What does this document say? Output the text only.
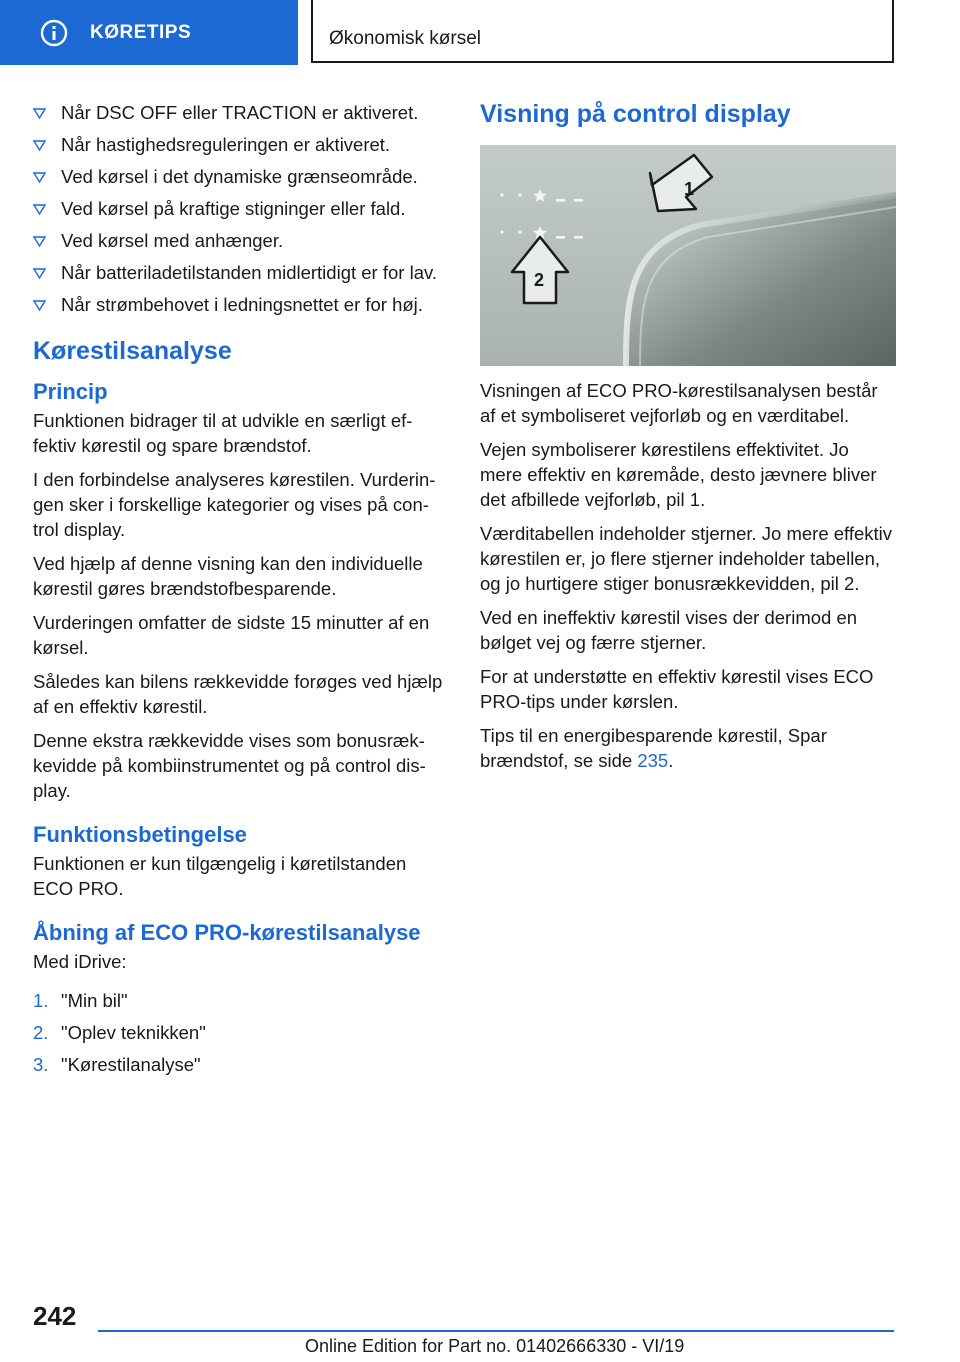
KØRETIPS	Økonomisk kørsel
Når DSC OFF eller TRACTION er aktiveret.
Når hastighedsreguleringen er aktiveret.
Ved kørsel i det dynamiske grænseområde.
Ved kørsel på kraftige stigninger eller fald.
Ved kørsel med anhænger.
Når batteriladetilstanden midlertidigt er for lav.
Når strømbehovet i ledningsnettet er for høj.
Kørestilsanalyse
Princip

Funktionen bidrager til at udvikle en særligt effektiv kørestil og spare brændstof.

I den forbindelse analyseres kørestilen. Vurderingen sker i forskellige kategorier og vises på control display.

Ved hjælp af denne visning kan den individuelle kørestil gøres brændstofbesparende.

Vurderingen omfatter de sidste 15 minutter af en kørsel.

Således kan bilens rækkevidde forøges ved hjælp af en effektiv kørestil.

Denne ekstra rækkevidde vises som bonusrækkevidde på kombiinstrumentet og på control display.

Funktionsbetingelse

Funktionen er kun tilgængelig i køretilstanden ECO PRO.

Åbning af ECO PRO-kørestilsanalyse

Med iDrive:

1. "Min bil"
2. "Oplev teknikken"
3. "Kørestilanalyse"
Visning på control display
1
2

Visningen af ECO PRO-kørestilsanalysen består af et symboliseret vejforløb og en værditabel.

Vejen symboliserer kørestilens effektivitet. Jo mere effektiv en køremåde, desto jævnere bliver det afbillede vejforløb, pil 1.

Værditabellen indeholder stjerner. Jo mere effektiv kørestilen er, jo flere stjerner indeholder tabellen, og jo hurtigere stiger bonusrækkevidden, pil 2.

Ved en ineffektiv kørestil vises der derimod en bølget vej og færre stjerner.

For at understøtte en effektiv kørestil vises ECO PRO-tips under kørslen.

Tips til en energibesparende kørestil, Spar brændstof, se side 235.

242
Online Edition for Part no. 01402666330 - VI/19
